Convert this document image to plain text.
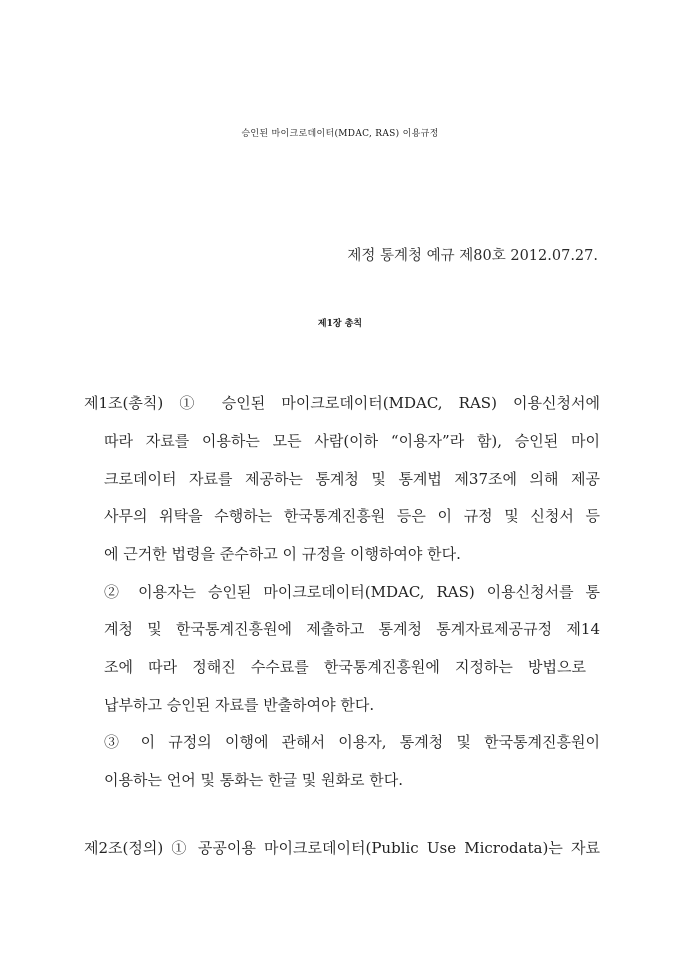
승인된 마이크로데이터(MDAC, RAS) 이용규정
제정 통계청 예규 제80호 2012.07.27.
제1장 총칙
제1조(총칙) ① 승인된 마이크로데이터(MDAC, RAS) 이용신청서에
따라 자료를 이용하는 모든 사람(이하 “이용자”라 함), 승인된 마이
크로데이터 자료를 제공하는 통계청 및 통계법 제37조에 의해 제공
사무의 위탁을 수행하는 한국통계진흥원 등은 이 규정 및 신청서 등
에 근거한 법령을 준수하고 이 규정을 이행하여야 한다.
② 이용자는 승인된 마이크로데이터(MDAC, RAS) 이용신청서를 통
계청 및 한국통계진흥원에 제출하고 통계청 통계자료제공규정 제14
조에 따라 정해진 수수료를 한국통계진흥원에 지정하는 방법으로
납부하고 승인된 자료를 반출하여야 한다.
③ 이 규정의 이행에 관해서 이용자, 통계청 및 한국통계진흥원이
이용하는 언어 및 통화는 한글 및 원화로 한다.
제2조(정의) ① 공공이용 마이크로데이터(Public Use Microdata)는 자료
